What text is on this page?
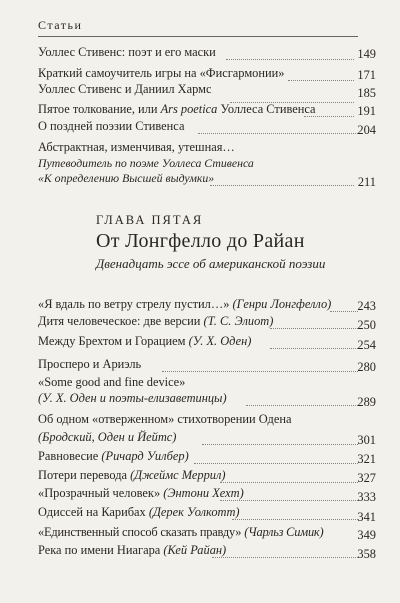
Статьи
Уоллес Стивенс: поэт и его маски	149
Краткий самоучитель игры на «Фисгармонии»	171
Уоллес Стивенс и Даниил Хармс	185
Пятое толкование, или Ars poetica Уоллеса Стивенса	191
О поздней поэзии Стивенса	204
Абстрактная, изменчивая, утешная…
Путеводитель по поэме Уоллеса Стивенса
«К определению Высшей выдумки»	211
ГЛАВА ПЯТАЯ
От Лонгфелло до Райан
Двенадцать эссе об американской поэзии
«Я вдаль по ветру стрелу пустил…» (Генри Лонгфелло) 243
Дитя человеческое: две версии (Т. С. Элиот)	250
Между Брехтом и Горацием (У. Х. Оден)	254
Просперо и Ариэль	280
«Some good and fine device»
(У. Х. Оден и поэты-елизаветинцы)	289
Об одном «отверженном» стихотворении Одена
(Бродский, Оден и Йейтс)	301
Равновесие (Ричард Уилбер)	321
Потери перевода (Джеймс Меррил)	327
«Прозрачный человек» (Энтони Хехт)	333
Одиссей на Карибах (Дерек Уолкотт)	341
«Единственный способ сказать правду» (Чарльз Симик)	349
Река по имени Ниагара (Кей Райан)	358
